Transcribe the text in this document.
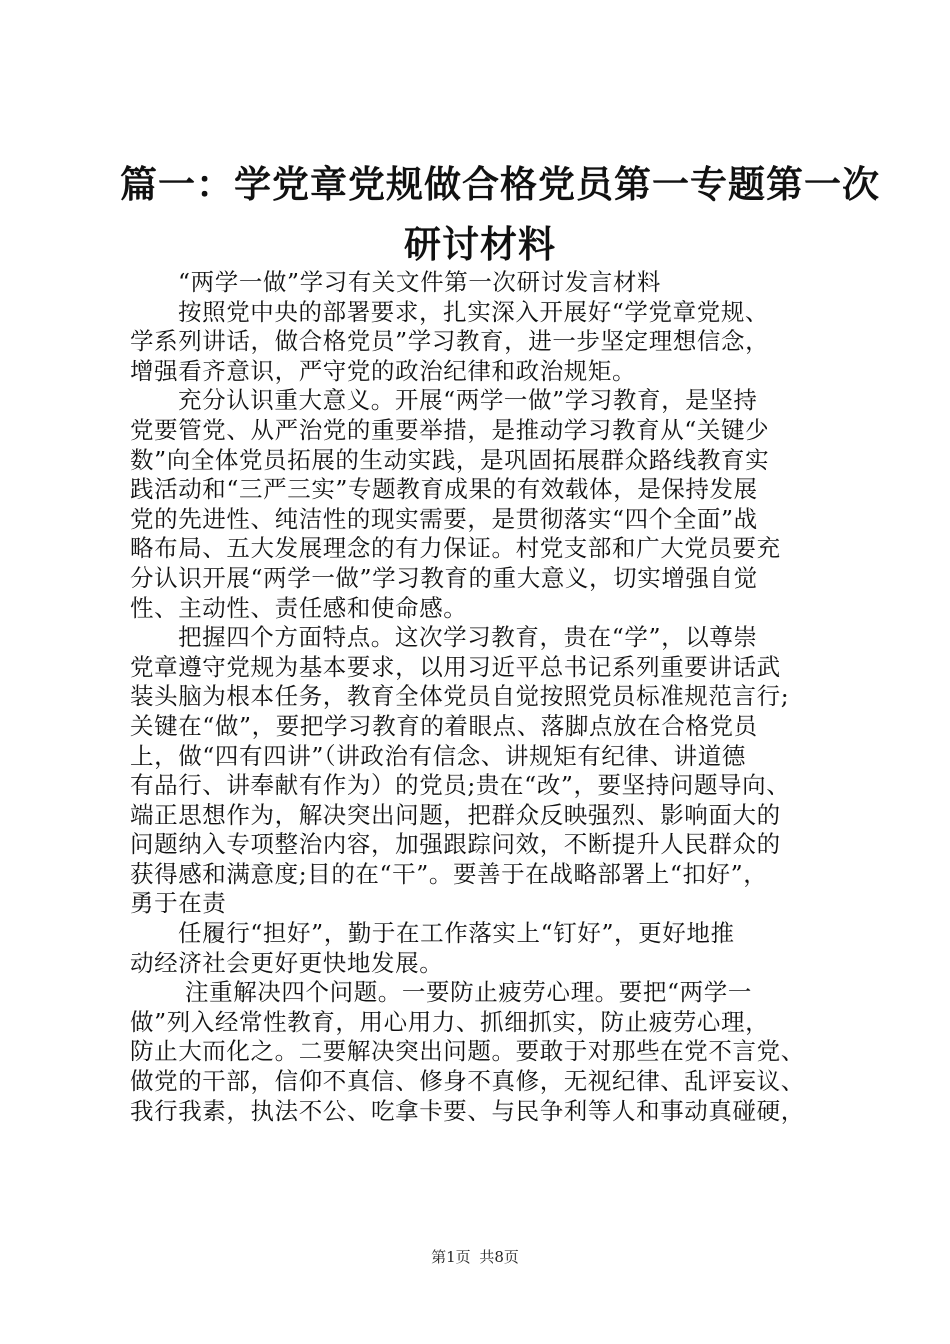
篇一：学党章党规做合格党员第一专题第一次
研讨材料
“两学一做”学习有关文件第一次研讨发言材料
按照党中央的部署要求，扎实深入开展好“学党章党规、
学系列讲话，做合格党员”学习教育，进一步坚定理想信念，
增强看齐意识，严守党的政治纪律和政治规矩。
充分认识重大意义。开展“两学一做”学习教育，是坚持
党要管党、从严治党的重要举措，是推动学习教育从“关键少
数”向全体党员拓展的生动实践，是巩固拓展群众路线教育实
践活动和“三严三实”专题教育成果的有效载体，是保持发展
党的先进性、纯洁性的现实需要，是贯彻落实“四个全面”战
略布局、五大发展理念的有力保证。村党支部和广大党员要充
分认识开展“两学一做”学习教育的重大意义，切实增强自觉
性、主动性、责任感和使命感。
把握四个方面特点。这次学习教育，贵在“学”，以尊崇
党章遵守党规为基本要求，以用习近平总书记系列重要讲话武
装头脑为根本任务，教育全体党员自觉按照党员标准规范言行;
关键在“做”，要把学习教育的着眼点、落脚点放在合格党员
上，做“四有四讲”（讲政治有信念、讲规矩有纪律、讲道德
有品行、讲奉献有作为）的党员;贵在“改”，要坚持问题导向、
端正思想作为，解决突出问题，把群众反映强烈、影响面大的
问题纳入专项整治内容，加强跟踪问效，不断提升人民群众的
获得感和满意度;目的在“干”。要善于在战略部署上“扣好”，
勇于在责
任履行“担好”，勤于在工作落实上“钉好”，更好地推
动经济社会更好更快地发展。
注重解决四个问题。一要防止疲劳心理。要把“两学一
做”列入经常性教育，用心用力、抓细抓实，防止疲劳心理，
防止大而化之。二要解决突出问题。要敢于对那些在党不言党、
做党的干部，信仰不真信、修身不真修，无视纪律、乱评妄议、
我行我素，执法不公、吃拿卡要、与民争利等人和事动真碰硬，
第1页 共8页
